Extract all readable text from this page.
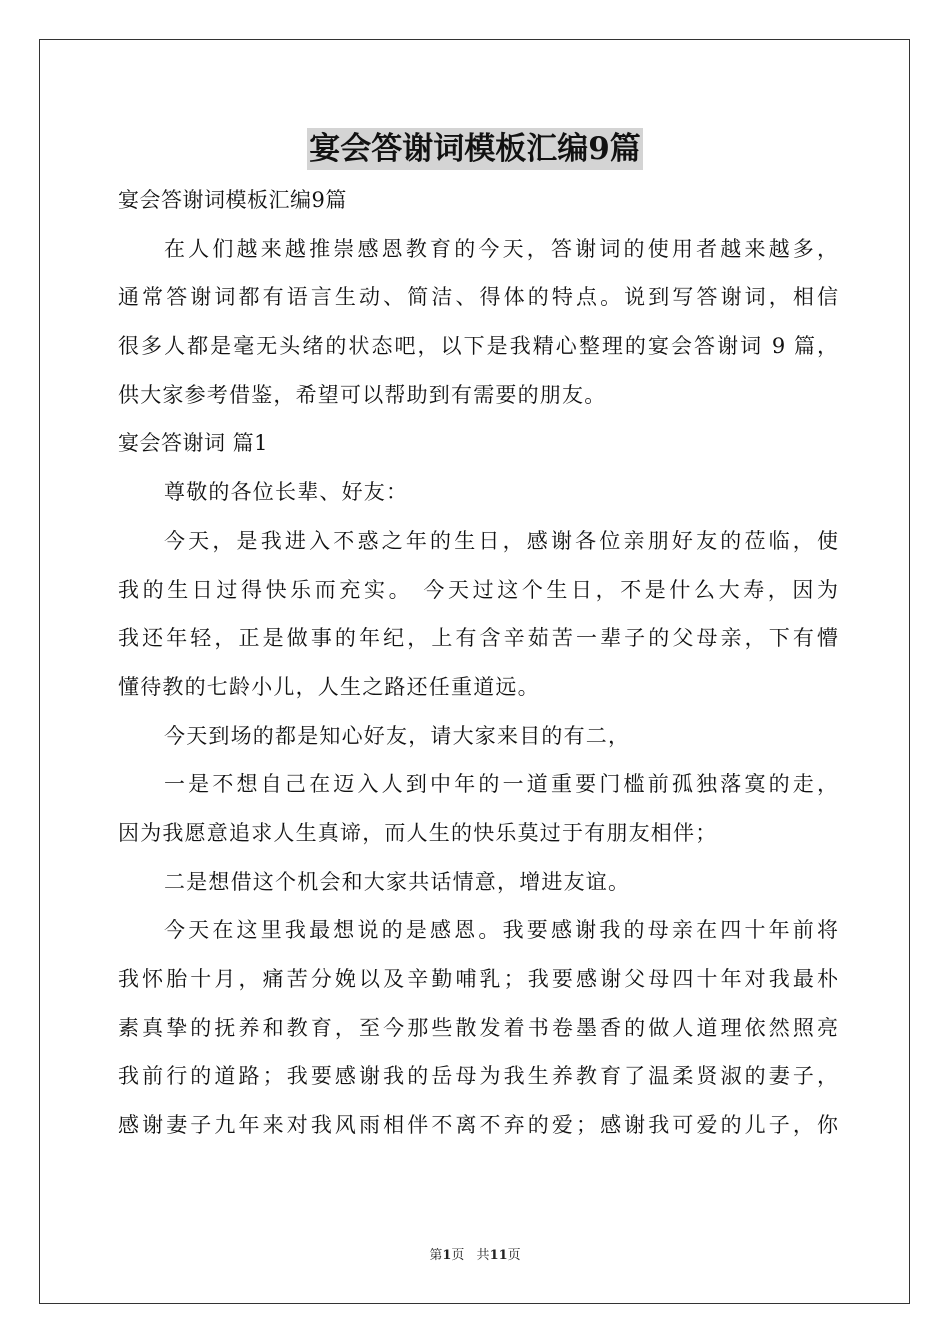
宴会答谢词模板汇编9篇
宴会答谢词模板汇编9篇
在人们越来越推崇感恩教育的今天，答谢词的使用者越来越多，
通常答谢词都有语言生动、简洁、得体的特点。说到写答谢词，相信
很多人都是毫无头绪的状态吧，以下是我精心整理的宴会答谢词 9 篇，
供大家参考借鉴，希望可以帮助到有需要的朋友。
宴会答谢词 篇1
尊敬的各位长辈、好友：
今天，是我进入不惑之年的生日，感谢各位亲朋好友的莅临，使
我的生日过得快乐而充实。 今天过这个生日，不是什么大寿，因为
我还年轻，正是做事的年纪，上有含辛茹苦一辈子的父母亲，下有懵
懂待教的七龄小儿，人生之路还任重道远。
今天到场的都是知心好友，请大家来目的有二，
一是不想自己在迈入人到中年的一道重要门槛前孤独落寞的走，
因为我愿意追求人生真谛，而人生的快乐莫过于有朋友相伴；
二是想借这个机会和大家共话情意，增进友谊。
今天在这里我最想说的是感恩。我要感谢我的母亲在四十年前将
我怀胎十月，痛苦分娩以及辛勤哺乳；我要感谢父母四十年对我最朴
素真挚的抚养和教育，至今那些散发着书卷墨香的做人道理依然照亮
我前行的道路；我要感谢我的岳母为我生养教育了温柔贤淑的妻子，
感谢妻子九年来对我风雨相伴不离不弃的爱；感谢我可爱的儿子，你
第1页 共11页
